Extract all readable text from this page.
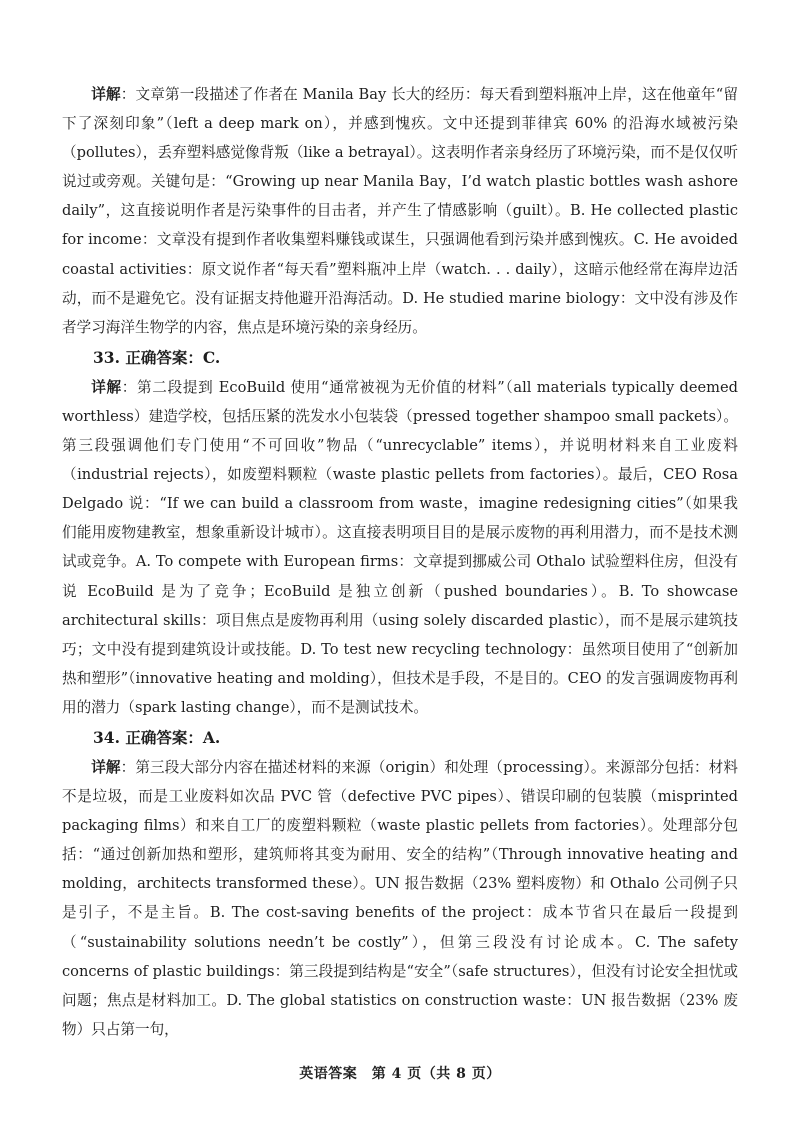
详解：文章第一段描述了作者在 Manila Bay 长大的经历：每天看到塑料瓶冲上岸，这在他童年“留下了深刻印象”（left a deep mark on），并感到愧疚。文中还提到菲律宾 60% 的沿海水域被污染（pollutes），丢弃塑料感觉像背叛（like a betrayal）。这表明作者亲身经历了环境污染，而不是仅仅听说过或旁观。关键句是：“Growing up near Manila Bay，I’d watch plastic bottles wash ashore daily”，这直接说明作者是污染事件的目击者，并产生了情感影响（guilt）。B. He collected plastic for income：文章没有提到作者收集塑料赚钱或谋生，只强调他看到污染并感到愧疚。C. He avoided coastal activities：原文说作者“每天看”塑料瓶冲上岸（watch. . . daily），这暗示他经常在海岸边活动，而不是避免它。没有证据支持他避开沿海活动。D. He studied marine biology：文中没有涉及作者学习海洋生物学的内容，焦点是环境污染的亲身经历。

33. 正确答案：C.

详解：第二段提到 EcoBuild 使用“通常被视为无价值的材料”（all materials typically deemed worthless）建造学校，包括压紧的洗发水小包装袋（pressed together shampoo small packets）。第三段强调他们专门使用“不可回收”物品（“unrecyclable” items），并说明材料来自工业废料（industrial rejects），如废塑料颗粒（waste plastic pellets from factories）。最后，CEO Rosa Delgado 说：“If we can build a classroom from waste，imagine redesigning cities”（如果我们能用废物建教室，想象重新设计城市）。这直接表明项目目的是展示废物的再利用潜力，而不是技术测试或竞争。A. To compete with European firms：文章提到挪威公司 Othalo 试验塑料住房，但没有说 EcoBuild 是为了竞争；EcoBuild 是独立创新（pushed boundaries）。B. To showcase architectural skills：项目焦点是废物再利用（using solely discarded plastic），而不是展示建筑技巧；文中没有提到建筑设计或技能。D. To test new recycling technology：虽然项目使用了“创新加热和塑形”（innovative heating and molding），但技术是手段，不是目的。CEO 的发言强调废物再利用的潜力（spark lasting change），而不是测试技术。

34. 正确答案：A.

详解：第三段大部分内容在描述材料的来源（origin）和处理（processing）。来源部分包括：材料不是垃圾，而是工业废料如次品 PVC 管（defective PVC pipes）、错误印刷的包装膜（misprinted packaging films）和来自工厂的废塑料颗粒（waste plastic pellets from factories）。处理部分包括：“通过创新加热和塑形，建筑师将其变为耐用、安全的结构”（Through innovative heating and molding，architects transformed these）。UN 报告数据（23% 塑料废物）和 Othalo 公司例子只是引子，不是主旨。B. The cost-saving benefits of the project：成本节省只在最后一段提到（“sustainability solutions needn’t be costly”），但第三段没有讨论成本。C. The safety concerns of plastic buildings：第三段提到结构是“安全”（safe structures），但没有讨论安全担忧或问题；焦点是材料加工。D. The global statistics on construction waste：UN 报告数据（23% 废物）只占第一句，

英语答案　第 4 页（共 8 页）
